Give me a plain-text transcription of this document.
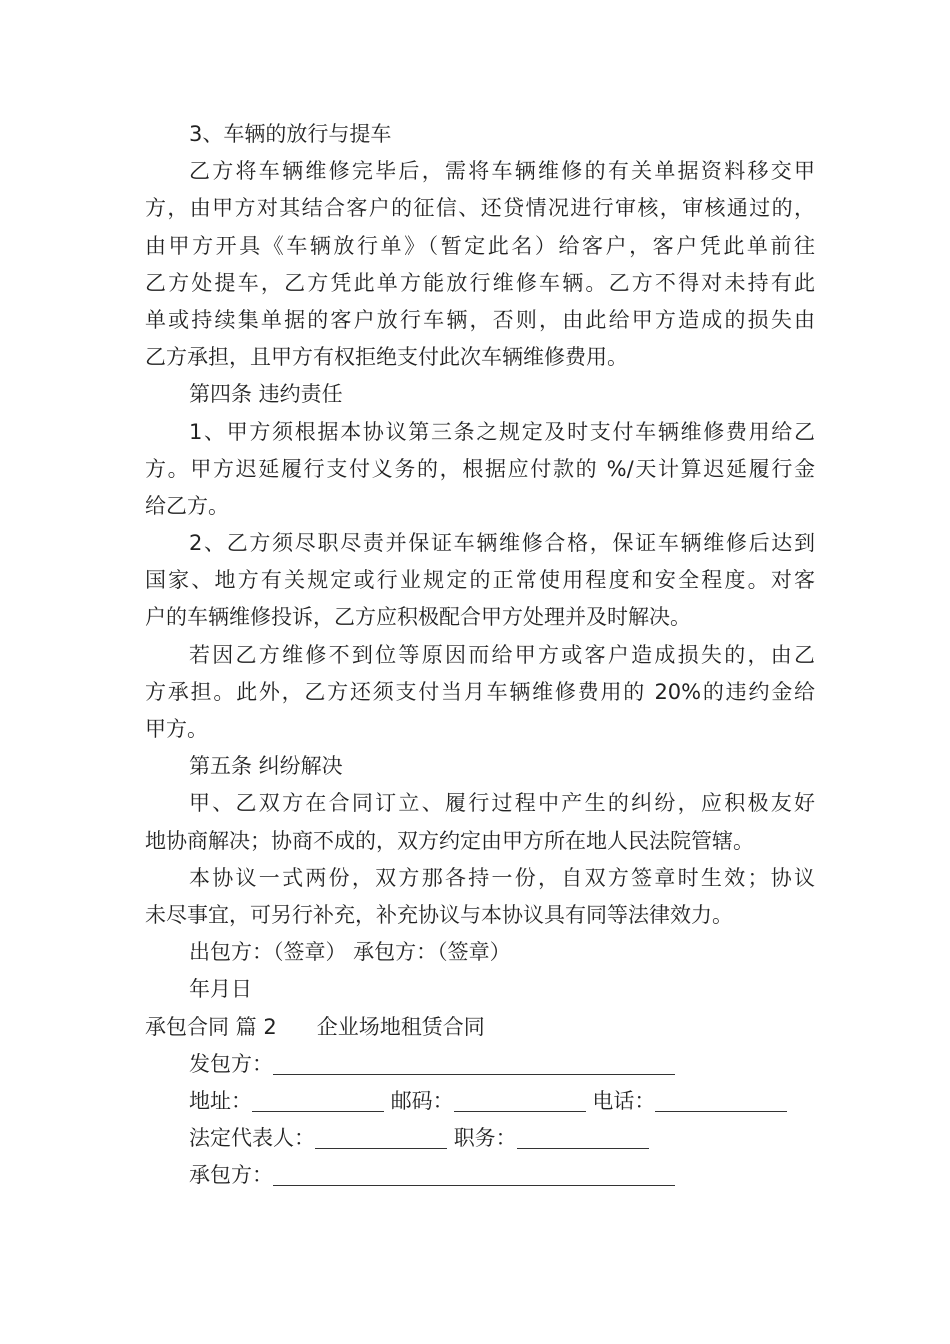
3、车辆的放行与提车
乙方将车辆维修完毕后，需将车辆维修的有关单据资料移交甲
方，由甲方对其结合客户的征信、还贷情况进行审核，审核通过的，
由甲方开具《车辆放行单》（暂定此名）给客户，客户凭此单前往
乙方处提车，乙方凭此单方能放行维修车辆。乙方不得对未持有此
单或持续集单据的客户放行车辆，否则，由此给甲方造成的损失由
乙方承担，且甲方有权拒绝支付此次车辆维修费用。
第四条 违约责任
1、甲方须根据本协议第三条之规定及时支付车辆维修费用给乙
方。甲方迟延履行支付义务的，根据应付款的 %/天计算迟延履行金
给乙方。
2、乙方须尽职尽责并保证车辆维修合格，保证车辆维修后达到
国家、地方有关规定或行业规定的正常使用程度和安全程度。对客
户的车辆维修投诉，乙方应积极配合甲方处理并及时解决。
若因乙方维修不到位等原因而给甲方或客户造成损失的，由乙
方承担。此外，乙方还须支付当月车辆维修费用的 20%的违约金给
甲方。
第五条 纠纷解决
甲、乙双方在合同订立、履行过程中产生的纠纷，应积极友好
地协商解决；协商不成的，双方约定由甲方所在地人民法院管辖。
本协议一式两份，双方那各持一份，自双方签章时生效；协议
未尽事宜，可另行补充，补充协议与本协议具有同等法律效力。
出包方：（签章） 承包方：（签章）
年月日
承包合同 篇 2 企业场地租赁合同
发包方：
地址：	邮码：	电话：
法定代表人：	职务：
承包方：
